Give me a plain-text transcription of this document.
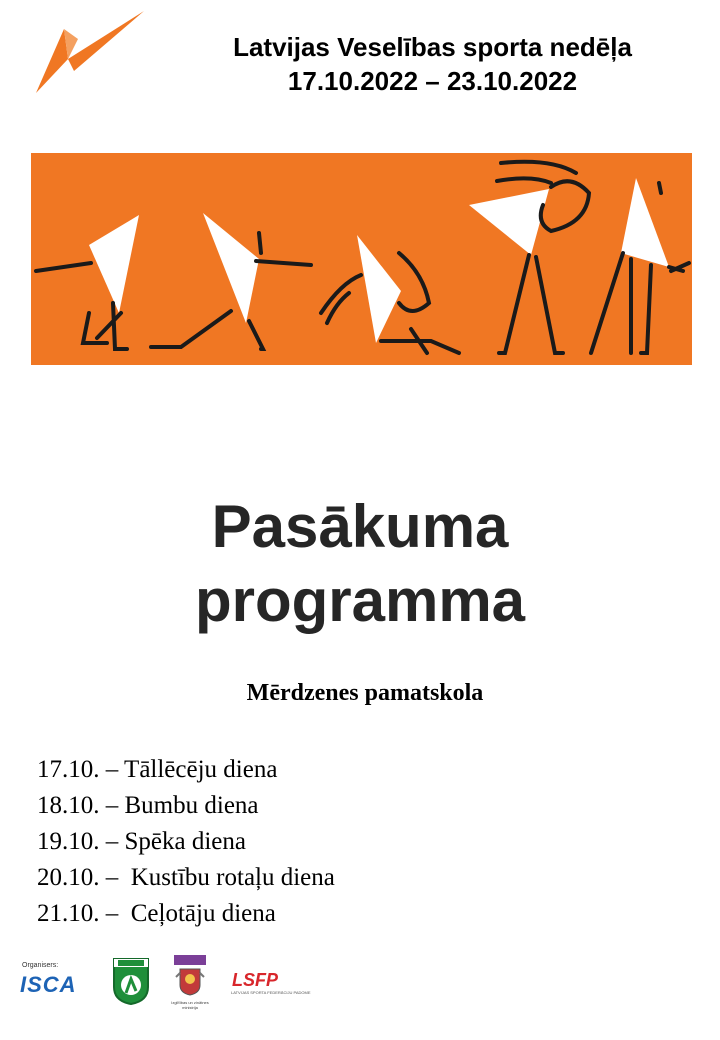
Latvijas Veselības sporta nedēļa
17.10.2022 – 23.10.2022
Pasākuma
programma
Mērdzenes pamatskola
17.10. – Tāllēcēju diena
18.10. – Bumbu diena
19.10. – Spēka diena
20.10. –  Kustību rotaļu diena
21.10. –  Ceļotāju diena
Organisers:
ISCA
Izglītības un zinātnes ministrija
LSFP
LATVIJAS SPORTA FEDERĀCIJU PADOME
